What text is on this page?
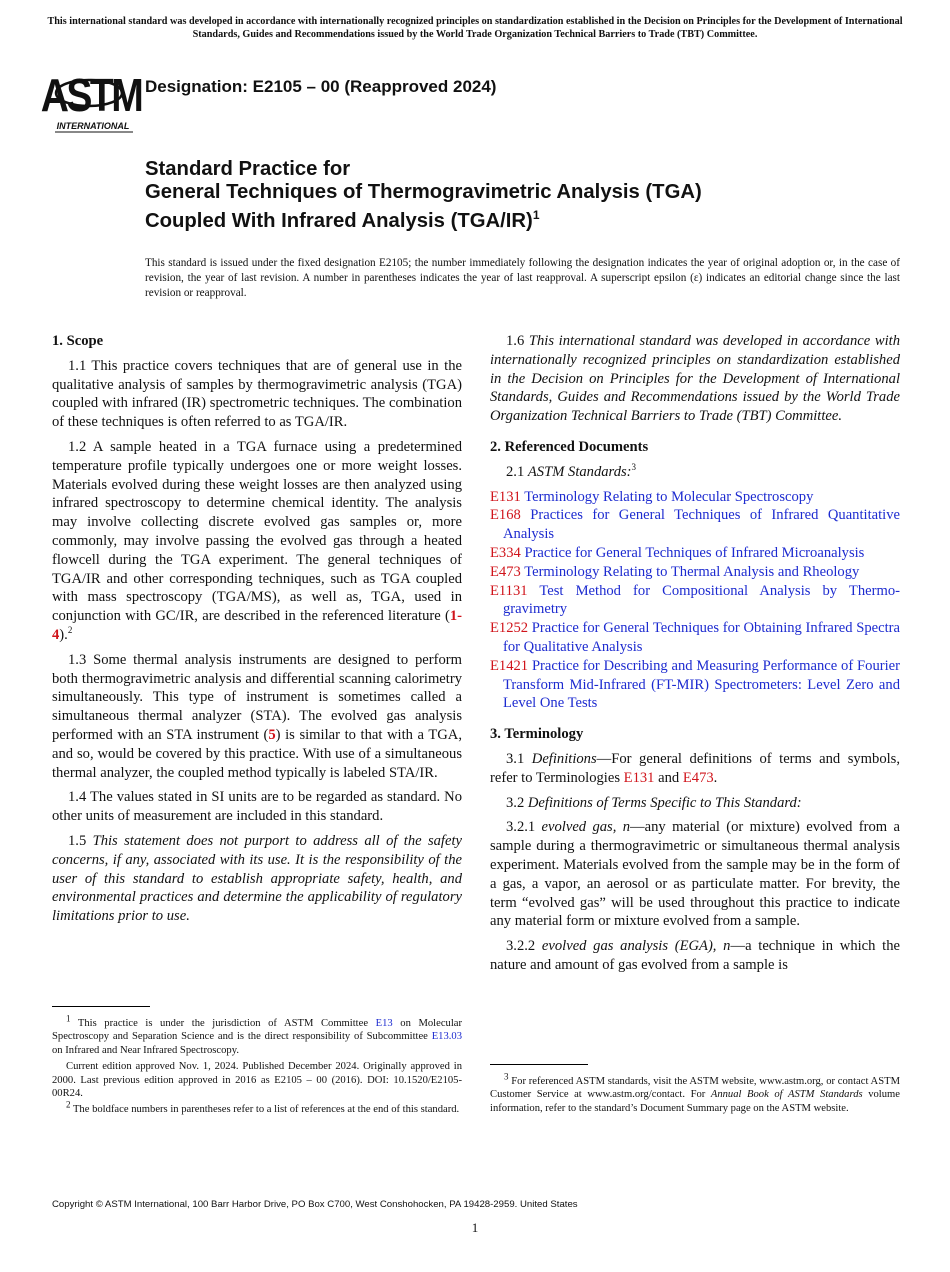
This international standard was developed in accordance with internationally recognized principles on standardization established in the Decision on Principles for the Development of International Standards, Guides and Recommendations issued by the World Trade Organization Technical Barriers to Trade (TBT) Committee.
ASTM
INTERNATIONAL
Designation: E2105 – 00 (Reapproved 2024)
Standard Practice for
General Techniques of Thermogravimetric Analysis (TGA)
Coupled With Infrared Analysis $(TGA/IR)^1$
This standard is issued under the fixed designation E2105; the number immediately following the designation indicates the year of original adoption or, in the case of revision, the year of last revision. A number in parentheses indicates the year of last reapproval. A superscript epsilon (ε) indicates an editorial change since the last revision or reapproval.
1. Scope

1.1 This practice covers techniques that are of general use in the qualitative analysis of samples by thermogravimetric analysis (TGA) coupled with infrared (IR) spectrometric techniques. The combination of these techniques is often referred to as TGA/IR.

1.2 A sample heated in a TGA furnace using a predetermined temperature profile typically undergoes one or more weight losses. Materials evolved during these weight losses are then analyzed using infrared spectroscopy to determine chemical identity. The analysis may involve collecting discrete evolved gas samples or, more commonly, may involve passing the evolved gas through a heated flowcell during the TGA experiment. The general techniques of TGA/IR and other corresponding techniques, such as TGA coupled with mass spectroscopy (TGA/MS), as well as, TGA, used in conjunction with GC/IR, are described in the referenced literature (1-4).$^2$

1.3 Some thermal analysis instruments are designed to perform both thermogravimetric analysis and differential scanning calorimetry simultaneously. This type of instrument is sometimes called a simultaneous thermal analyzer (STA). The evolved gas analysis performed with an STA instrument (5) is similar to that with a TGA, and so, would be covered by this practice. With use of a simultaneous thermal analyzer, the coupled method typically is labeled STA/IR.

1.4 The values stated in SI units are to be regarded as standard. No other units of measurement are included in this standard.

1.5 This statement does not purport to address all of the safety concerns, if any, associated with its use. It is the responsibility of the user of this standard to establish appropriate safety, health, and environmental practices and determine the applicability of regulatory limitations prior to use.

1.6 This international standard was developed in accordance with internationally recognized principles on standardization established in the Decision on Principles for the Development of International Standards, Guides and Recommendations issued by the World Trade Organization Technical Barriers to Trade (TBT) Committee.

2. Referenced Documents

2.1 ASTM Standards:$^3$

E131 Terminology Relating to Molecular Spectroscopy
E168 Practices for General Techniques of Infrared Quantitative Analysis
E334 Practice for General Techniques of Infrared Microanalysis
E473 Terminology Relating to Thermal Analysis and Rheology
E1131 Test Method for Compositional Analysis by Thermogravimetry
E1252 Practice for General Techniques for Obtaining Infrared Spectra for Qualitative Analysis
E1421 Practice for Describing and Measuring Performance of Fourier Transform Mid-Infrared (FT-MIR) Spectrometers: Level Zero and Level One Tests
3. Terminology

3.1 Definitions—For general definitions of terms and symbols, refer to Terminologies E131 and E473.

3.2 Definitions of Terms Specific to This Standard:

3.2.1 evolved gas, n—any material (or mixture) evolved from a sample during a thermogravimetric or simultaneous thermal analysis experiment. Materials evolved from the sample may be in the form of a gas, a vapor, an aerosol or as particulate matter. For brevity, the term “evolved gas” will be used throughout this practice to indicate any material form or mixture evolved from a sample.

3.2.2 evolved gas analysis (EGA), n—a technique in which the nature and amount of gas evolved from a sample is

$^1$ This practice is under the jurisdiction of ASTM Committee E13 on Molecular Spectroscopy and Separation Science and is the direct responsibility of Subcommittee E13.03 on Infrared and Near Infrared Spectroscopy.

Current edition approved Nov. 1, 2024. Published December 2024. Originally approved in 2000. Last previous edition approved in 2016 as E2105 – 00 (2016). DOI: 10.1520/E2105-00R24.

$^2$ The boldface numbers in parentheses refer to a list of references at the end of this standard.

$^3$ For referenced ASTM standards, visit the ASTM website, www.astm.org, or contact ASTM Customer Service at www.astm.org/contact. For Annual Book of ASTM Standards volume information, refer to the standard’s Document Summary page on the ASTM website.

Copyright © ASTM International, 100 Barr Harbor Drive, PO Box C700, West Conshohocken, PA 19428-2959. United States
1
